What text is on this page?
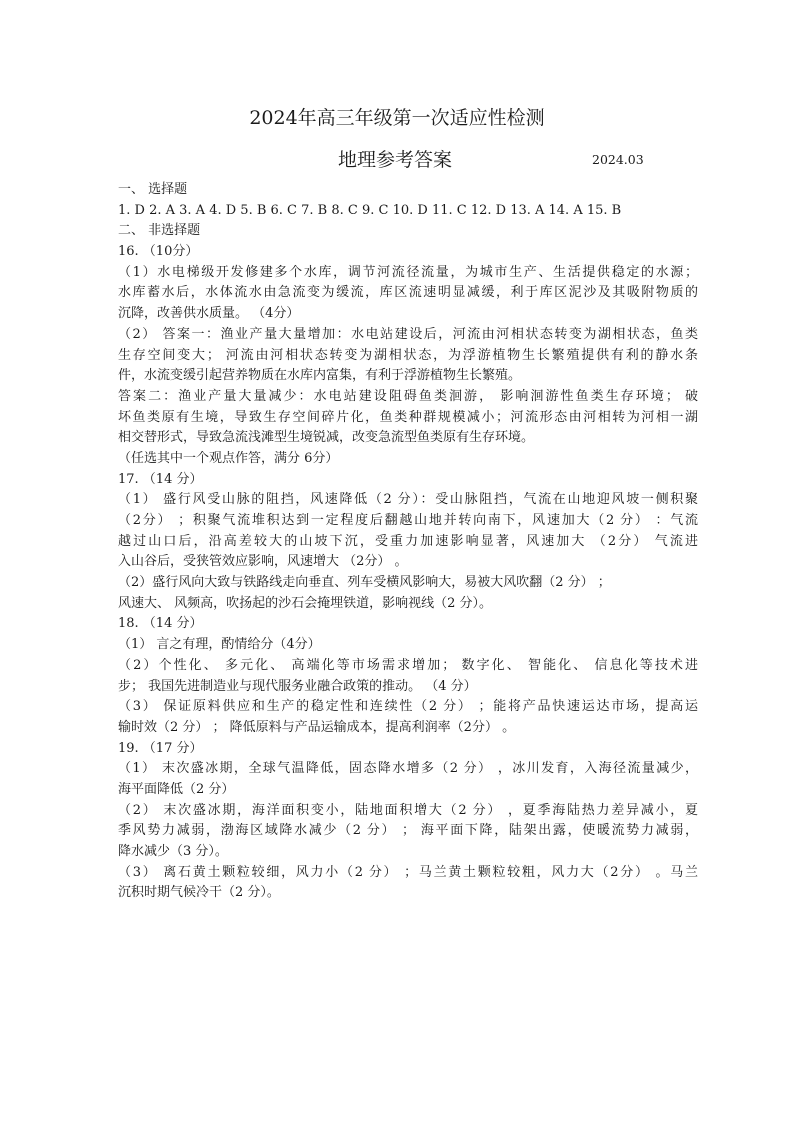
2024年高三年级第一次适应性检测
地理参考答案	2024.03
一、 选择题
1. D 2. A 3. A 4. D 5. B 6. C 7. B 8. C 9. C 10. D 11. C 12. D 13. A 14. A 15. B
二、 非选择题
16. （10分）
（1）水电梯级开发修建多个水库，调节河流径流量，为城市生产、生活提供稳定的水源；
水库蓄水后，水体流水由急流变为缓流，库区流速明显减缓，利于库区泥沙及其吸附物质的
沉降，改善供水质量。 （4分）
（2） 答案一：渔业产量大量增加：水电站建设后，河流由河相状态转变为湖相状态，鱼类
生存空间变大； 河流由河相状态转变为湖相状态，为浮游植物生长繁殖提供有利的静水条
件，水流变缓引起营养物质在水库内富集，有利于浮游植物生长繁殖。
答案二：渔业产量大量减少：水电站建设阻碍鱼类洄游， 影响洄游性鱼类生存环境； 破
坏鱼类原有生境，导致生存空间碎片化，鱼类种群规模减小；河流形态由河相转为河相一湖
相交替形式，导致急流浅滩型生境锐减，改变急流型鱼类原有生存环境。
（任选其中一个观点作答，满分 6分）
17. （14 分）
（1） 盛行风受山脉的阻挡，风速降低（2 分）：受山脉阻挡，气流在山地迎风坡一侧积聚
（2分） ；积聚气流堆积达到一定程度后翻越山地并转向南下，风速加大（2 分） ：气流
越过山口后，沿高差较大的山坡下沉，受重力加速影响显著，风速加大 （2分） 气流进
入山谷后，受狭管效应影响，风速增大 （2分） 。
（2）盛行风向大致与铁路线走向垂直、列车受横风影响大，易被大风吹翻（2 分） ；
风速大、 风频高，吹扬起的沙石会掩埋铁道，影响视线（2 分）。
18. （14 分）
（1） 言之有理，酌情给分（4分）
（2）个性化、 多元化、 高端化等市场需求增加； 数字化、 智能化、 信息化等技术进
步； 我国先进制造业与现代服务业融合政策的推动。 （4 分）
（3） 保证原料供应和生产的稳定性和连续性（2 分） ；能将产品快速运达市场，提高运
输时效（2 分） ； 降低原料与产品运输成本，提高利润率（2分） 。
19. （17 分）
（1） 末次盛冰期，全球气温降低，固态降水增多（2 分） ，冰川发育，入海径流量减少，
海平面降低（2 分）
（2） 末次盛冰期，海洋面积变小，陆地面积增大（2 分） ，夏季海陆热力差异减小，夏
季风势力减弱，渤海区域降水减少（2 分） ； 海平面下降，陆架出露，使暖流势力减弱，
降水减少（3 分）。
（3） 离石黄土颗粒较细，风力小（2 分） ；马兰黄土颗粒较粗，风力大（2分） 。马兰
沉积时期气候冷干（2 分）。
